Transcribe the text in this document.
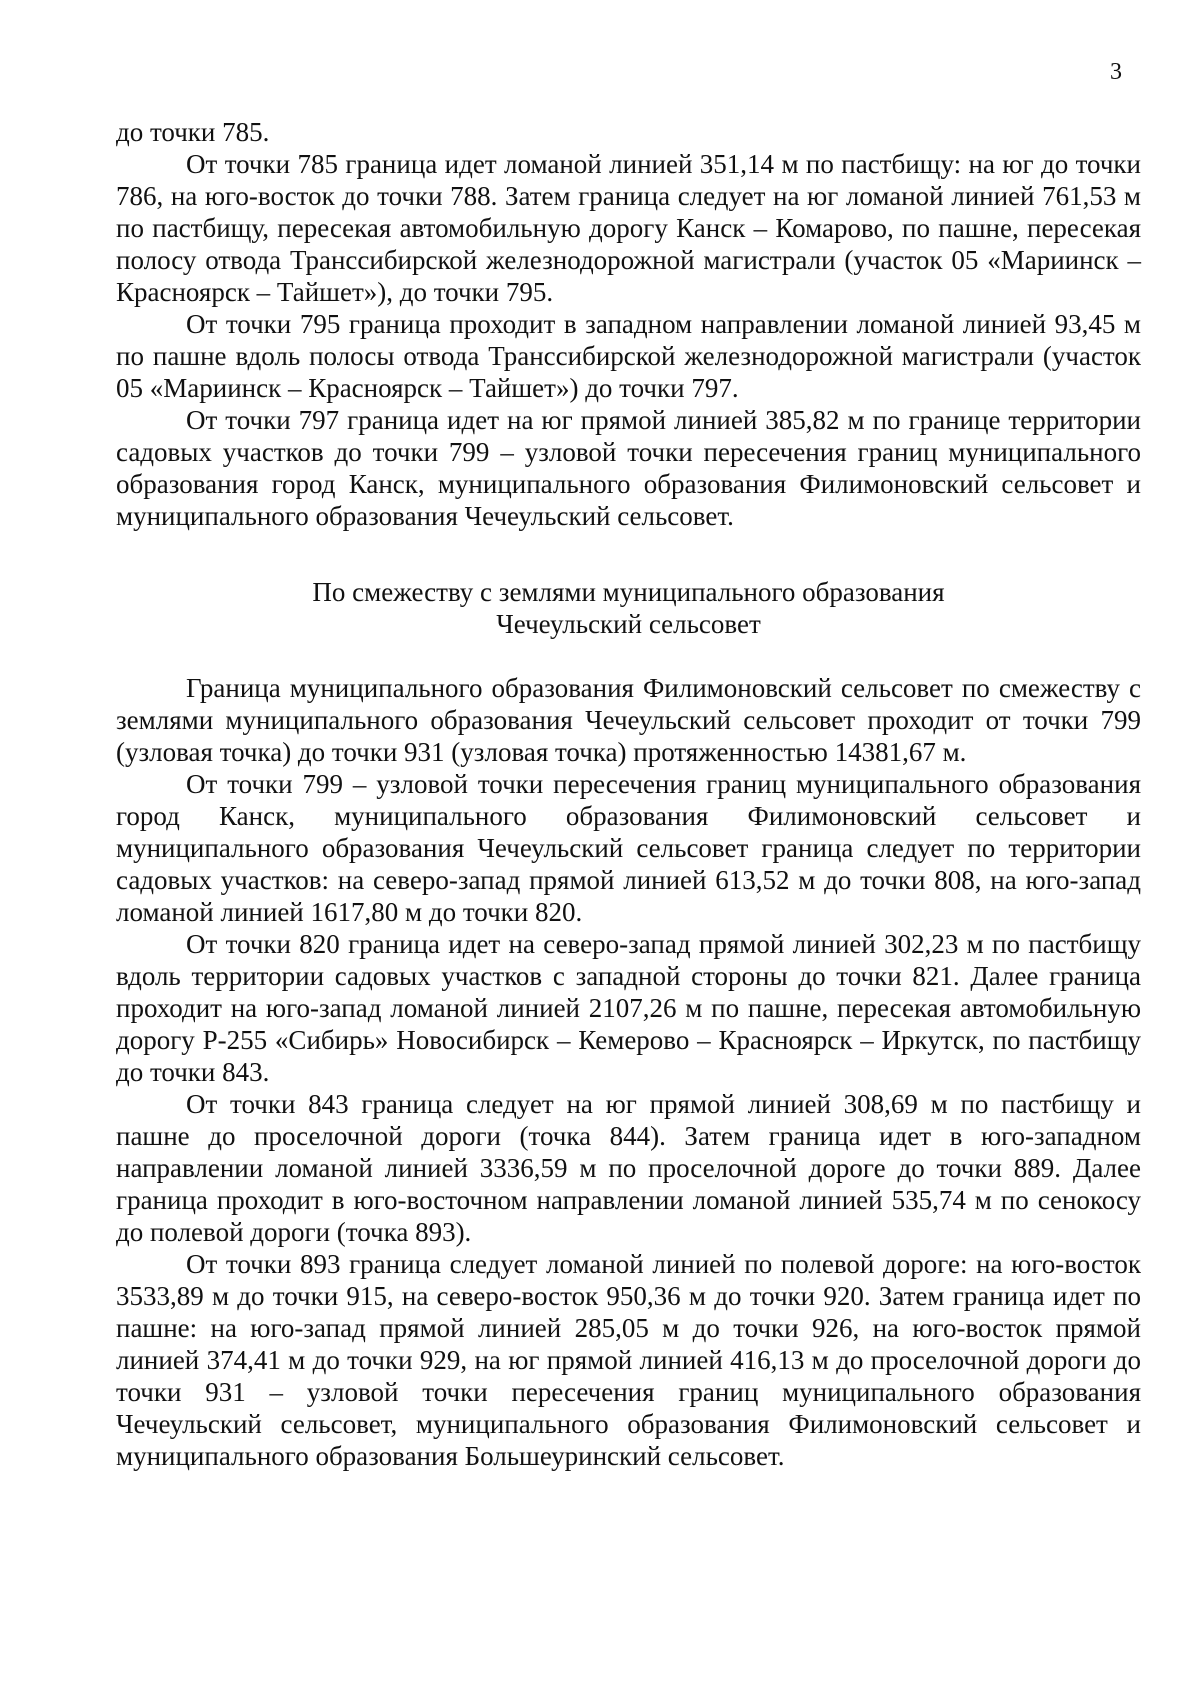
3

до точки 785.

От точки 785 граница идет ломаной линией 351,14 м по пастбищу: на юг до точки 786, на юго-восток до точки 788. Затем граница следует на юг ломаной линией 761,53 м по пастбищу, пересекая автомобильную дорогу Канск – Комарово, по пашне, пересекая полосу отвода Транссибирской железнодорожной магистрали (участок 05 «Мариинск – Красноярск – Тайшет»), до точки 795.

От точки 795 граница проходит в западном направлении ломаной линией 93,45 м по пашне вдоль полосы отвода Транссибирской железнодорожной магистрали (участок 05 «Мариинск – Красноярск – Тайшет») до точки 797.

От точки 797 граница идет на юг прямой линией 385,82 м по границе территории садовых участков до точки 799 – узловой точки пересечения границ муниципального образования город Канск, муниципального образования Филимоновский сельсовет и муниципального образования Чечеульский сельсовет.

По смежеству с землями муниципального образования
Чечеульский сельсовет

Граница муниципального образования Филимоновский сельсовет по смежеству с землями муниципального образования Чечеульский сельсовет проходит от точки 799 (узловая точка) до точки 931 (узловая точка) протяженностью 14381,67 м.

От точки 799 – узловой точки пересечения границ муниципального образования город Канск, муниципального образования Филимоновский сельсовет и муниципального образования Чечеульский сельсовет граница следует по территории садовых участков: на северо-запад прямой линией 613,52 м до точки 808, на юго-запад ломаной линией 1617,80 м до точки 820.

От точки 820 граница идет на северо-запад прямой линией 302,23 м по пастбищу вдоль территории садовых участков с западной стороны до точки 821. Далее граница проходит на юго-запад ломаной линией 2107,26 м по пашне, пересекая автомобильную дорогу Р-255 «Сибирь» Новосибирск – Кемерово – Красноярск – Иркутск, по пастбищу до точки 843.

От точки 843 граница следует на юг прямой линией 308,69 м по пастбищу и пашне до проселочной дороги (точка 844). Затем граница идет в юго-западном направлении ломаной линией 3336,59 м по проселочной дороге до точки 889. Далее граница проходит в юго-восточном направлении ломаной линией 535,74 м по сенокосу до полевой дороги (точка 893).

От точки 893 граница следует ломаной линией по полевой дороге: на юго-восток 3533,89 м до точки 915, на северо-восток 950,36 м до точки 920. Затем граница идет по пашне: на юго-запад прямой линией 285,05 м до точки 926, на юго-восток прямой линией 374,41 м до точки 929, на юг прямой линией 416,13 м до проселочной дороги до точки 931 – узловой точки пересечения границ муниципального образования Чечеульский сельсовет, муниципального образования Филимоновский сельсовет и муниципального образования Большеуринский сельсовет.
